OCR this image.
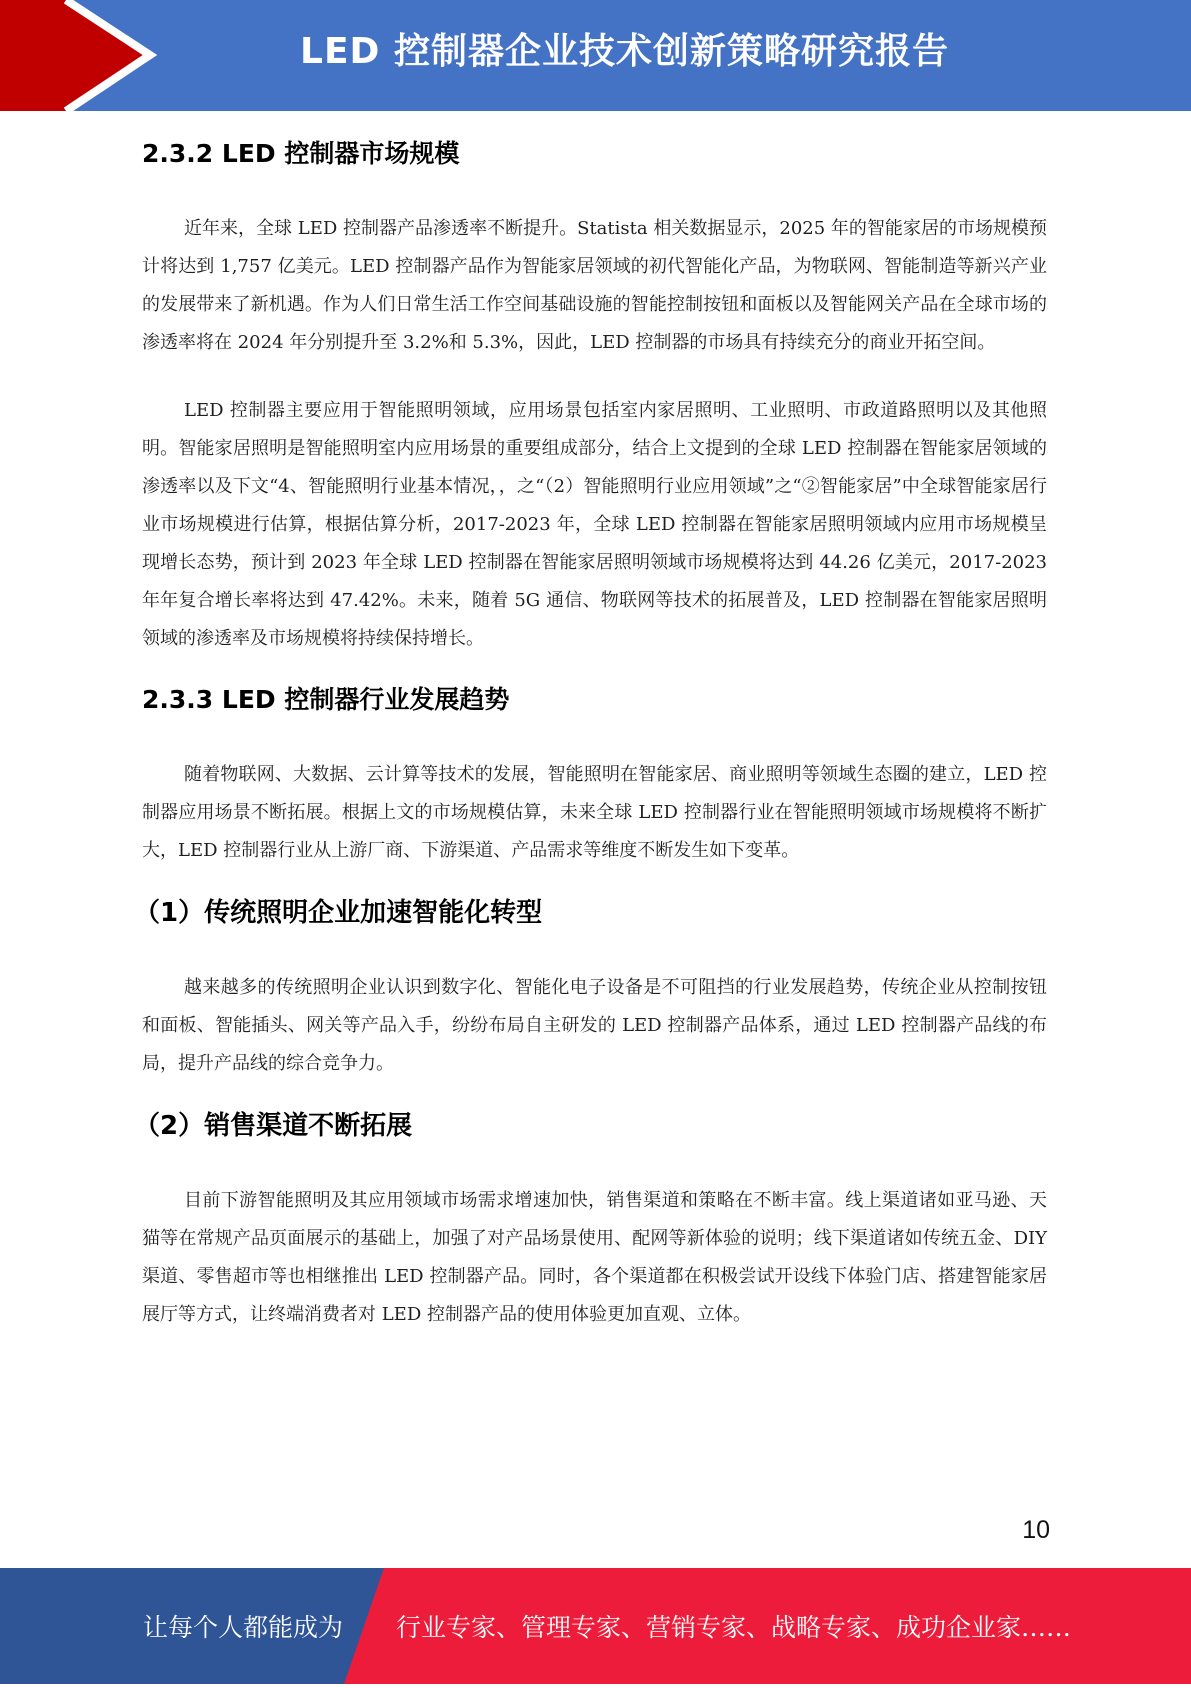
LED 控制器企业技术创新策略研究报告
2.3.2 LED 控制器市场规模

近年来，全球 LED 控制器产品渗透率不断提升。Statista 相关数据显示，2025 年的智能家居的市场规模预计将达到 1,757 亿美元。LED 控制器产品作为智能家居领域的初代智能化产品，为物联网、智能制造等新兴产业的发展带来了新机遇。作为人们日常生活工作空间基础设施的智能控制按钮和面板以及智能网关产品在全球市场的渗透率将在 2024 年分别提升至 3.2%和 5.3%，因此，LED 控制器的市场具有持续充分的商业开拓空间。

LED 控制器主要应用于智能照明领域，应用场景包括室内家居照明、工业照明、市政道路照明以及其他照明。智能家居照明是智能照明室内应用场景的重要组成部分，结合上文提到的全球 LED 控制器在智能家居领域的渗透率以及下文“4、智能照明行业基本情况，，之“（2）智能照明行业应用领域”之“②智能家居”中全球智能家居行业市场规模进行估算，根据估算分析，2017-2023 年，全球 LED 控制器在智能家居照明领域内应用市场规模呈现增长态势，预计到 2023 年全球 LED 控制器在智能家居照明领域市场规模将达到 44.26 亿美元，2017-2023 年年复合增长率将达到 47.42%。未来，随着 5G 通信、物联网等技术的拓展普及，LED 控制器在智能家居照明领域的渗透率及市场规模将持续保持增长。

2.3.3 LED 控制器行业发展趋势

随着物联网、大数据、云计算等技术的发展，智能照明在智能家居、商业照明等领域生态圈的建立，LED 控制器应用场景不断拓展。根据上文的市场规模估算，未来全球 LED 控制器行业在智能照明领域市场规模将不断扩大，LED 控制器行业从上游厂商、下游渠道、产品需求等维度不断发生如下变革。

（1）传统照明企业加速智能化转型

越来越多的传统照明企业认识到数字化、智能化电子设备是不可阻挡的行业发展趋势，传统企业从控制按钮和面板、智能插头、网关等产品入手，纷纷布局自主研发的 LED 控制器产品体系，通过 LED 控制器产品线的布局，提升产品线的综合竞争力。

（2）销售渠道不断拓展

目前下游智能照明及其应用领域市场需求增速加快，销售渠道和策略在不断丰富。线上渠道诸如亚马逊、天猫等在常规产品页面展示的基础上，加强了对产品场景使用、配网等新体验的说明；线下渠道诸如传统五金、DIY 渠道、零售超市等也相继推出 LED 控制器产品。同时，各个渠道都在积极尝试开设线下体验门店、搭建智能家居展厅等方式，让终端消费者对 LED 控制器产品的使用体验更加直观、立体。

10
让每个人都能成为 行业专家、管理专家、营销专家、战略专家、成功企业家……
